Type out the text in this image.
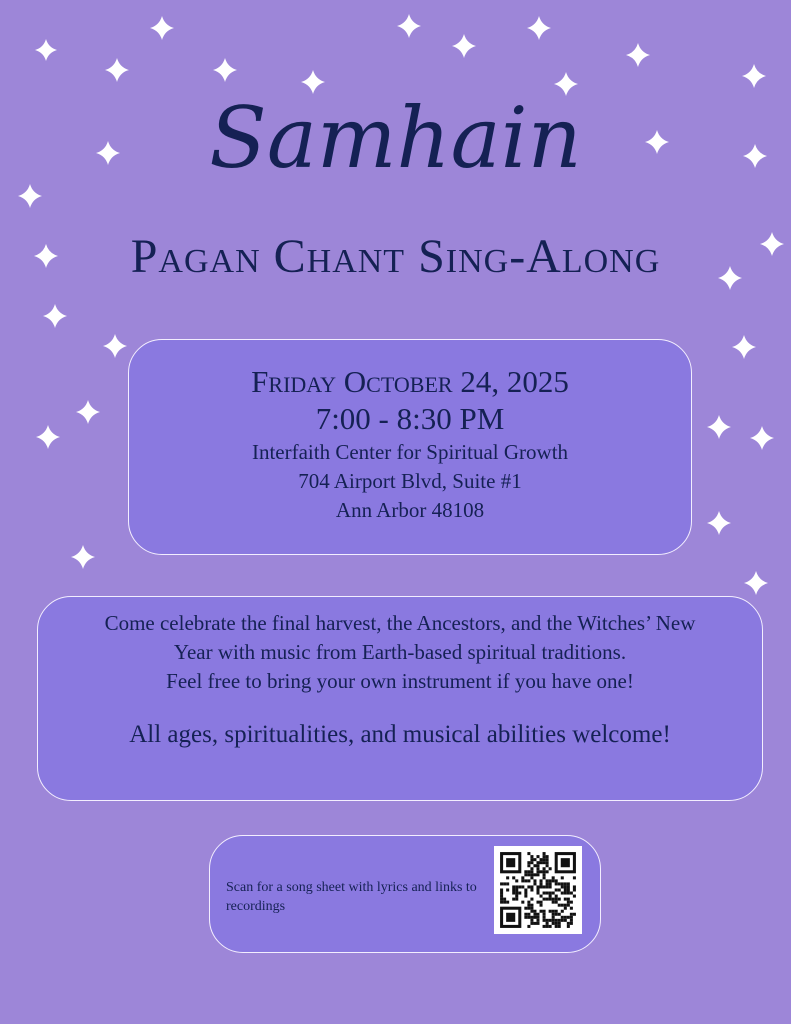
Samhain
Pagan Chant Sing-Along
Friday October 24, 2025
7:00 - 8:30 PM
Interfaith Center for Spiritual Growth
704 Airport Blvd, Suite #1
Ann Arbor 48108
Come celebrate the final harvest, the Ancestors, and the Witches’ New
Year with music from Earth-based spiritual traditions.
Feel free to bring your own instrument if you have one!
All ages, spiritualities, and musical abilities welcome!
Scan for a song sheet with lyrics and links to recordings
